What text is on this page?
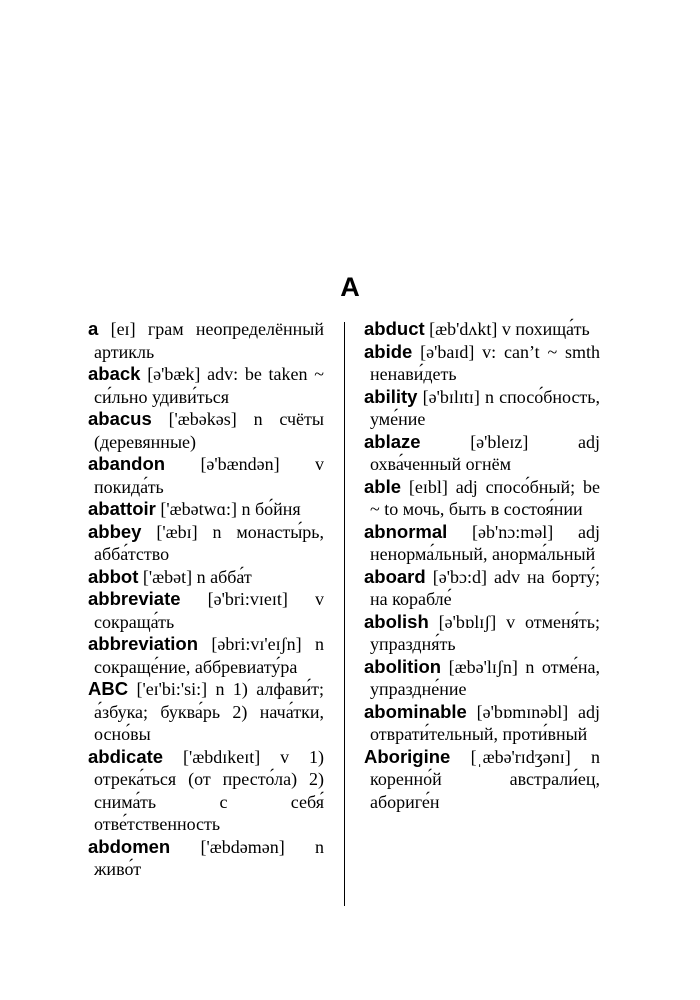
A

a [eɪ] грам неопределённый артикль

aback [ə'bæk] adv: be taken ~ си́льно удиви́ться

abacus ['æbəkəs] n счёты (деревянные)

abandon [ə'bændən] v покида́ть

abattoir ['æbətwɑ:] n бо́йня

abbey ['æbɪ] n монасты́рь, абба́тство

abbot ['æbət] n абба́т

abbreviate [ə'bri:vɪeɪt] v сокраща́ть

abbreviation [əbri:vɪ'eɪʃn] n сокраще́ние, аббревиату́ра

ABC ['eɪ'bi:'si:] n 1) алфави́т; а́збука; буква́рь 2) нача́тки, осно́вы

abdicate ['æbdɪkeɪt] v 1) отрека́ться (от престо́ла) 2) снима́ть с себя́ отве́тственность

abdomen ['æbdəmən] n живо́т

abduct [æb'dʌkt] v похища́ть

abide [ə'baɪd] v: can’t ~ smth ненави́деть

ability [ə'bɪlɪtɪ] n спосо́бность, уме́ние

ablaze	[ə'bleɪz] adj охва́ченный огнём

able [eɪbl] adj спосо́бный; be ~ to мочь, быть в состоя́нии

abnormal [əb'nɔ:məl] adj ненорма́льный, анорма́льный

aboard [ə'bɔ:d] adv на борту́; на корабле́

abolish [ə'bɒlɪʃ] v отменя́ть; упраздня́ть

abolition [æbə'lɪʃn] n отме́на, упраздне́ние

abominable [ə'bɒmɪnəbl] adj отврати́тельный, проти́вный

Aborigine [ˌæbə'rɪdʒənɪ] n коренно́й австрали́ец, абориге́н
